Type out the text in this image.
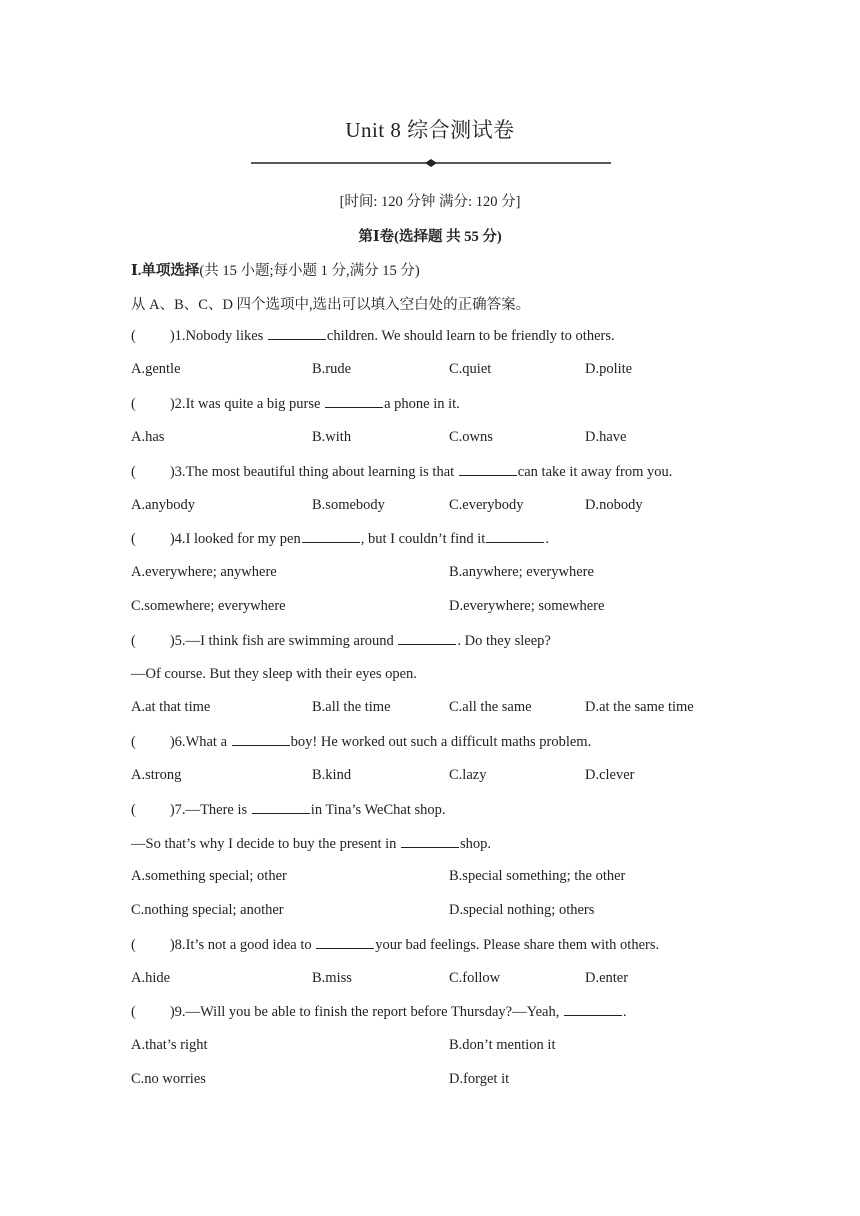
Unit 8 综合测试卷
[时间: 120 分钟 满分: 120 分]
第Ⅰ卷(选择题 共 55 分)
Ⅰ.单项选择(共 15 小题;每小题 1 分,满分 15 分)
从 A、B、C、D 四个选项中,选出可以填入空白处的正确答案。
( )1.Nobody likes	children. We should learn to be friendly to others.
A.gentle	B.rude	C.quiet	D.polite
( )2.It was quite a big purse	a phone in it.
A.has	B.with	C.owns	D.have
( )3.The most beautiful thing about learning is that	can take it away from you.
A.anybody	B.somebody	C.everybody	D.nobody
( )4.I looked for my pen	, but I couldn’t find it	.
A.everywhere; anywhere	B.anywhere; everywhere
C.somewhere; everywhere	D.everywhere; somewhere
( )5.—I think fish are swimming around	. Do they sleep?
—Of course. But they sleep with their eyes open.
A.at that time	B.all the time	C.all the same	D.at the same time
( )6.What a	boy! He worked out such a difficult maths problem.
A.strong	B.kind	C.lazy	D.clever
( )7.—There is	in Tina’s WeChat shop.
—So that’s why I decide to buy the present in	shop.
A.something special; other	B.special something; the other
C.nothing special; another	D.special nothing; others
( )8.It’s not a good idea to	your bad feelings. Please share them with others.
A.hide	B.miss	C.follow	D.enter
( )9.—Will you be able to finish the report before Thursday?—Yeah,	.
A.that’s right	B.don’t mention it
C.no worries	D.forget it
